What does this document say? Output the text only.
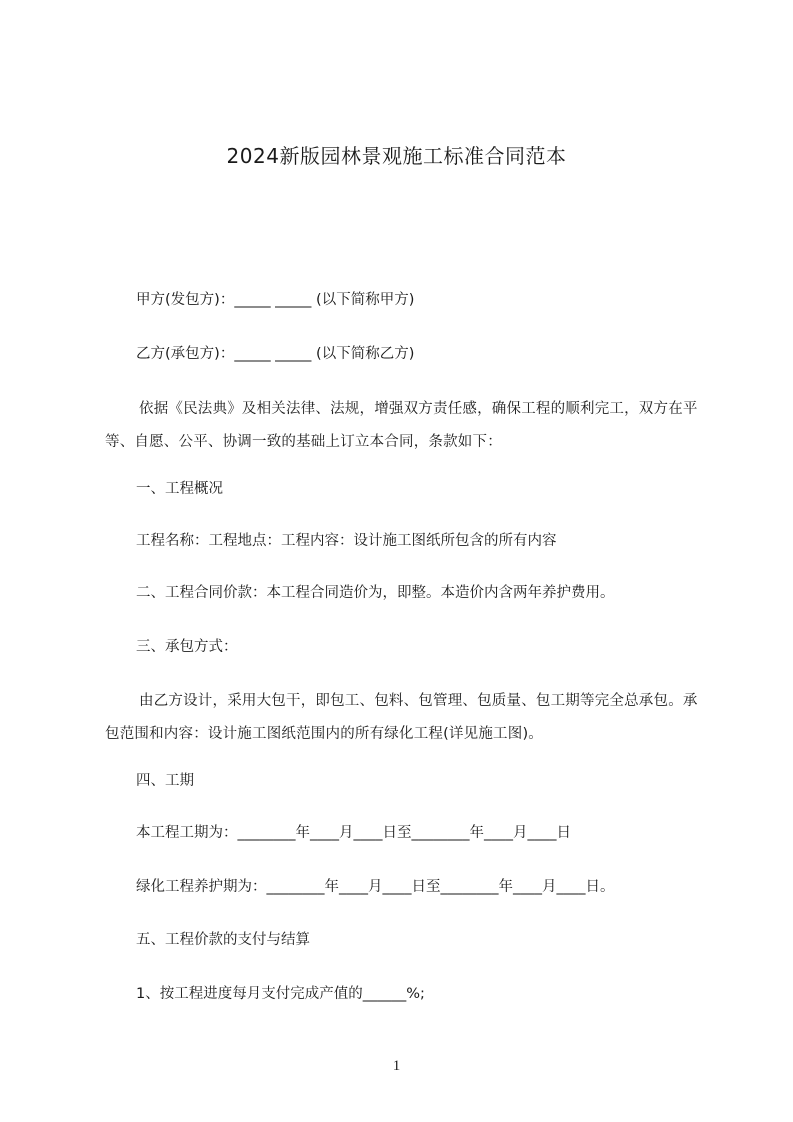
2024新版园林景观施工标准合同范本
甲方(发包方)：_____ _____ (以下简称甲方)
乙方(承包方)：_____ _____ (以下简称乙方)
依据《民法典》及相关法律、法规，增强双方责任感，确保工程的顺利完工，双方在平等、自愿、公平、协调一致的基础上订立本合同，条款如下：
一、工程概况
工程名称：工程地点：工程内容：设计施工图纸所包含的所有内容
二、工程合同价款：本工程合同造价为，即整。本造价内含两年养护费用。
三、承包方式：
由乙方设计，采用大包干，即包工、包料、包管理、包质量、包工期等完全总承包。承包范围和内容：设计施工图纸范围内的所有绿化工程(详见施工图)。
四、工期
本工程工期为：________年____月____日至________年____月____日
绿化工程养护期为：________年____月____日至________年____月____日。
五、工程价款的支付与结算
1、按工程进度每月支付完成产值的______%;
1
